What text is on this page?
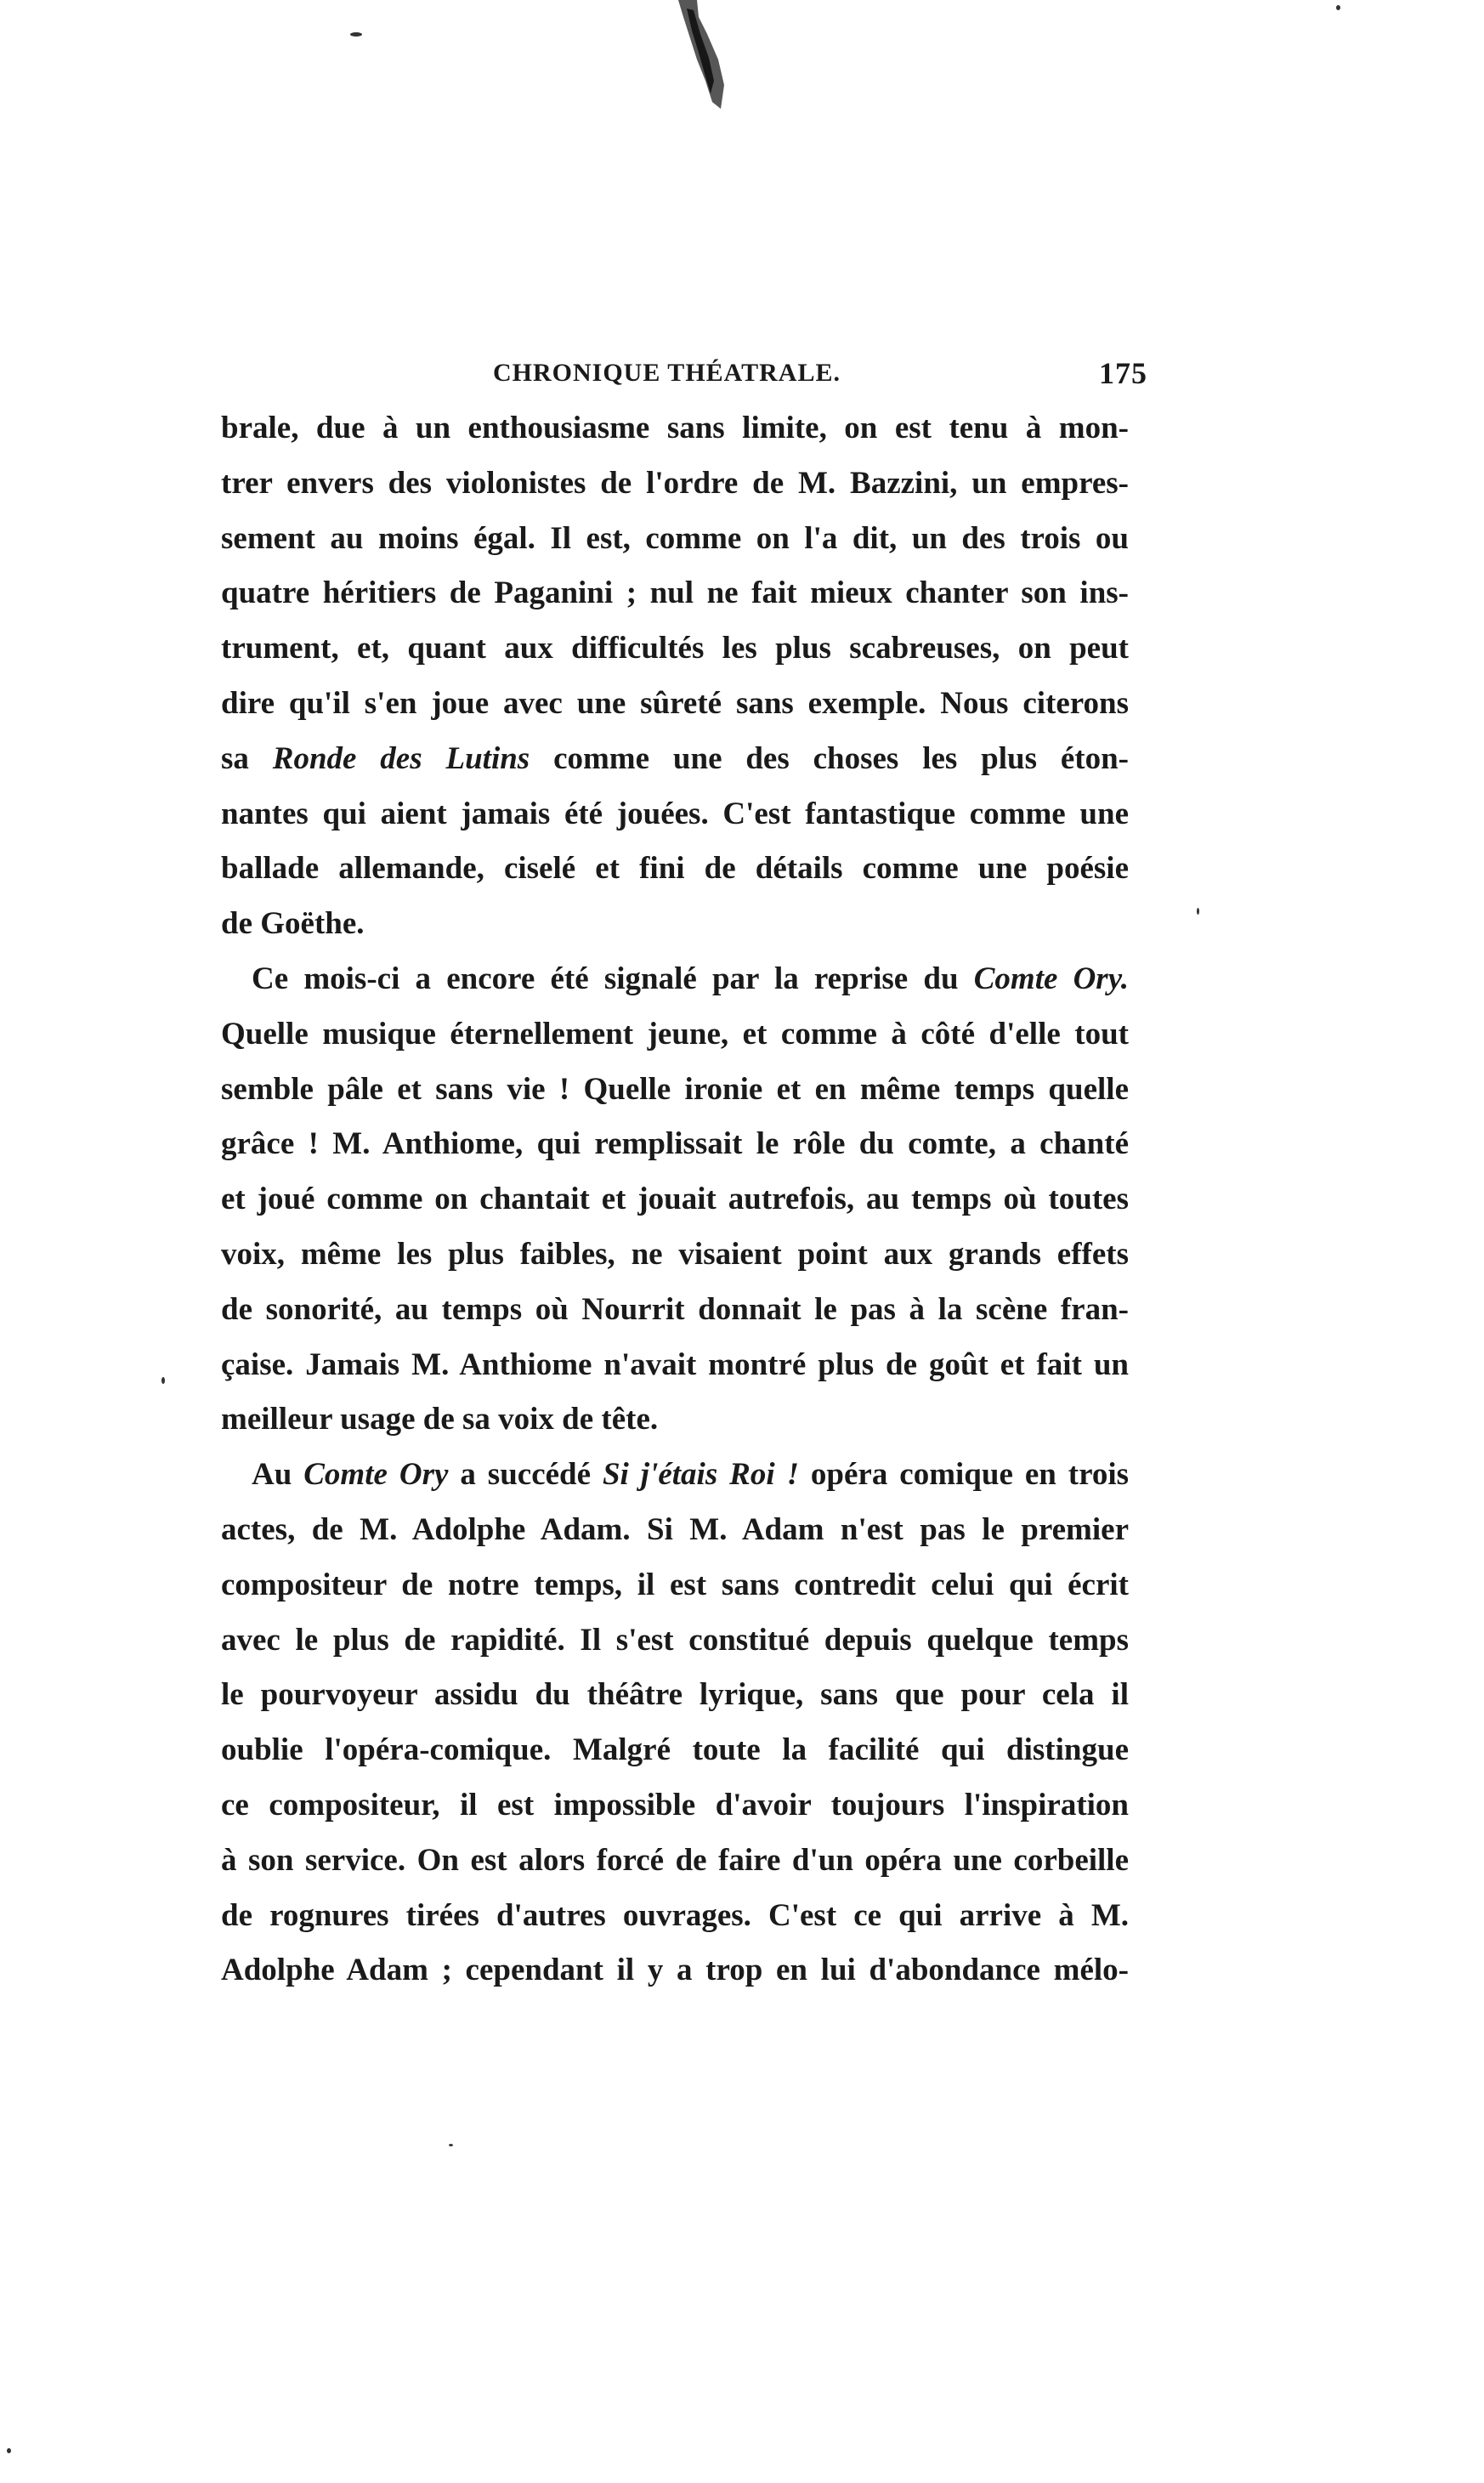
CHRONIQUE THÉATRALE.	175
brale, due à un enthousiasme sans limite, on est tenu à mon-
trer envers des violonistes de l'ordre de M. Bazzini, un empres-
sement au moins égal. Il est, comme on l'a dit, un des trois ou
quatre héritiers de Paganini ; nul ne fait mieux chanter son ins-
trument, et, quant aux difficultés les plus scabreuses, on peut
dire qu'il s'en joue avec une sûreté sans exemple. Nous citerons
sa Ronde des Lutins comme une des choses les plus éton-
nantes qui aient jamais été jouées. C'est fantastique comme une
ballade allemande, ciselé et fini de détails comme une poésie
de Goëthe.
Ce mois-ci a encore été signalé par la reprise du Comte Ory.
Quelle musique éternellement jeune, et comme à côté d'elle tout
semble pâle et sans vie ! Quelle ironie et en même temps quelle
grâce ! M. Anthiome, qui remplissait le rôle du comte, a chanté
et joué comme on chantait et jouait autrefois, au temps où toutes
voix, même les plus faibles, ne visaient point aux grands effets
de sonorité, au temps où Nourrit donnait le pas à la scène fran-
çaise. Jamais M. Anthiome n'avait montré plus de goût et fait un
meilleur usage de sa voix de tête.
Au Comte Ory a succédé Si j'étais Roi ! opéra comique en trois
actes, de M. Adolphe Adam. Si M. Adam n'est pas le premier
compositeur de notre temps, il est sans contredit celui qui écrit
avec le plus de rapidité. Il s'est constitué depuis quelque temps
le pourvoyeur assidu du théâtre lyrique, sans que pour cela il
oublie l'opéra-comique. Malgré toute la facilité qui distingue
ce compositeur, il est impossible d'avoir toujours l'inspiration
à son service. On est alors forcé de faire d'un opéra une corbeille
de rognures tirées d'autres ouvrages. C'est ce qui arrive à M.
Adolphe Adam ; cependant il y a trop en lui d'abondance mélo-
